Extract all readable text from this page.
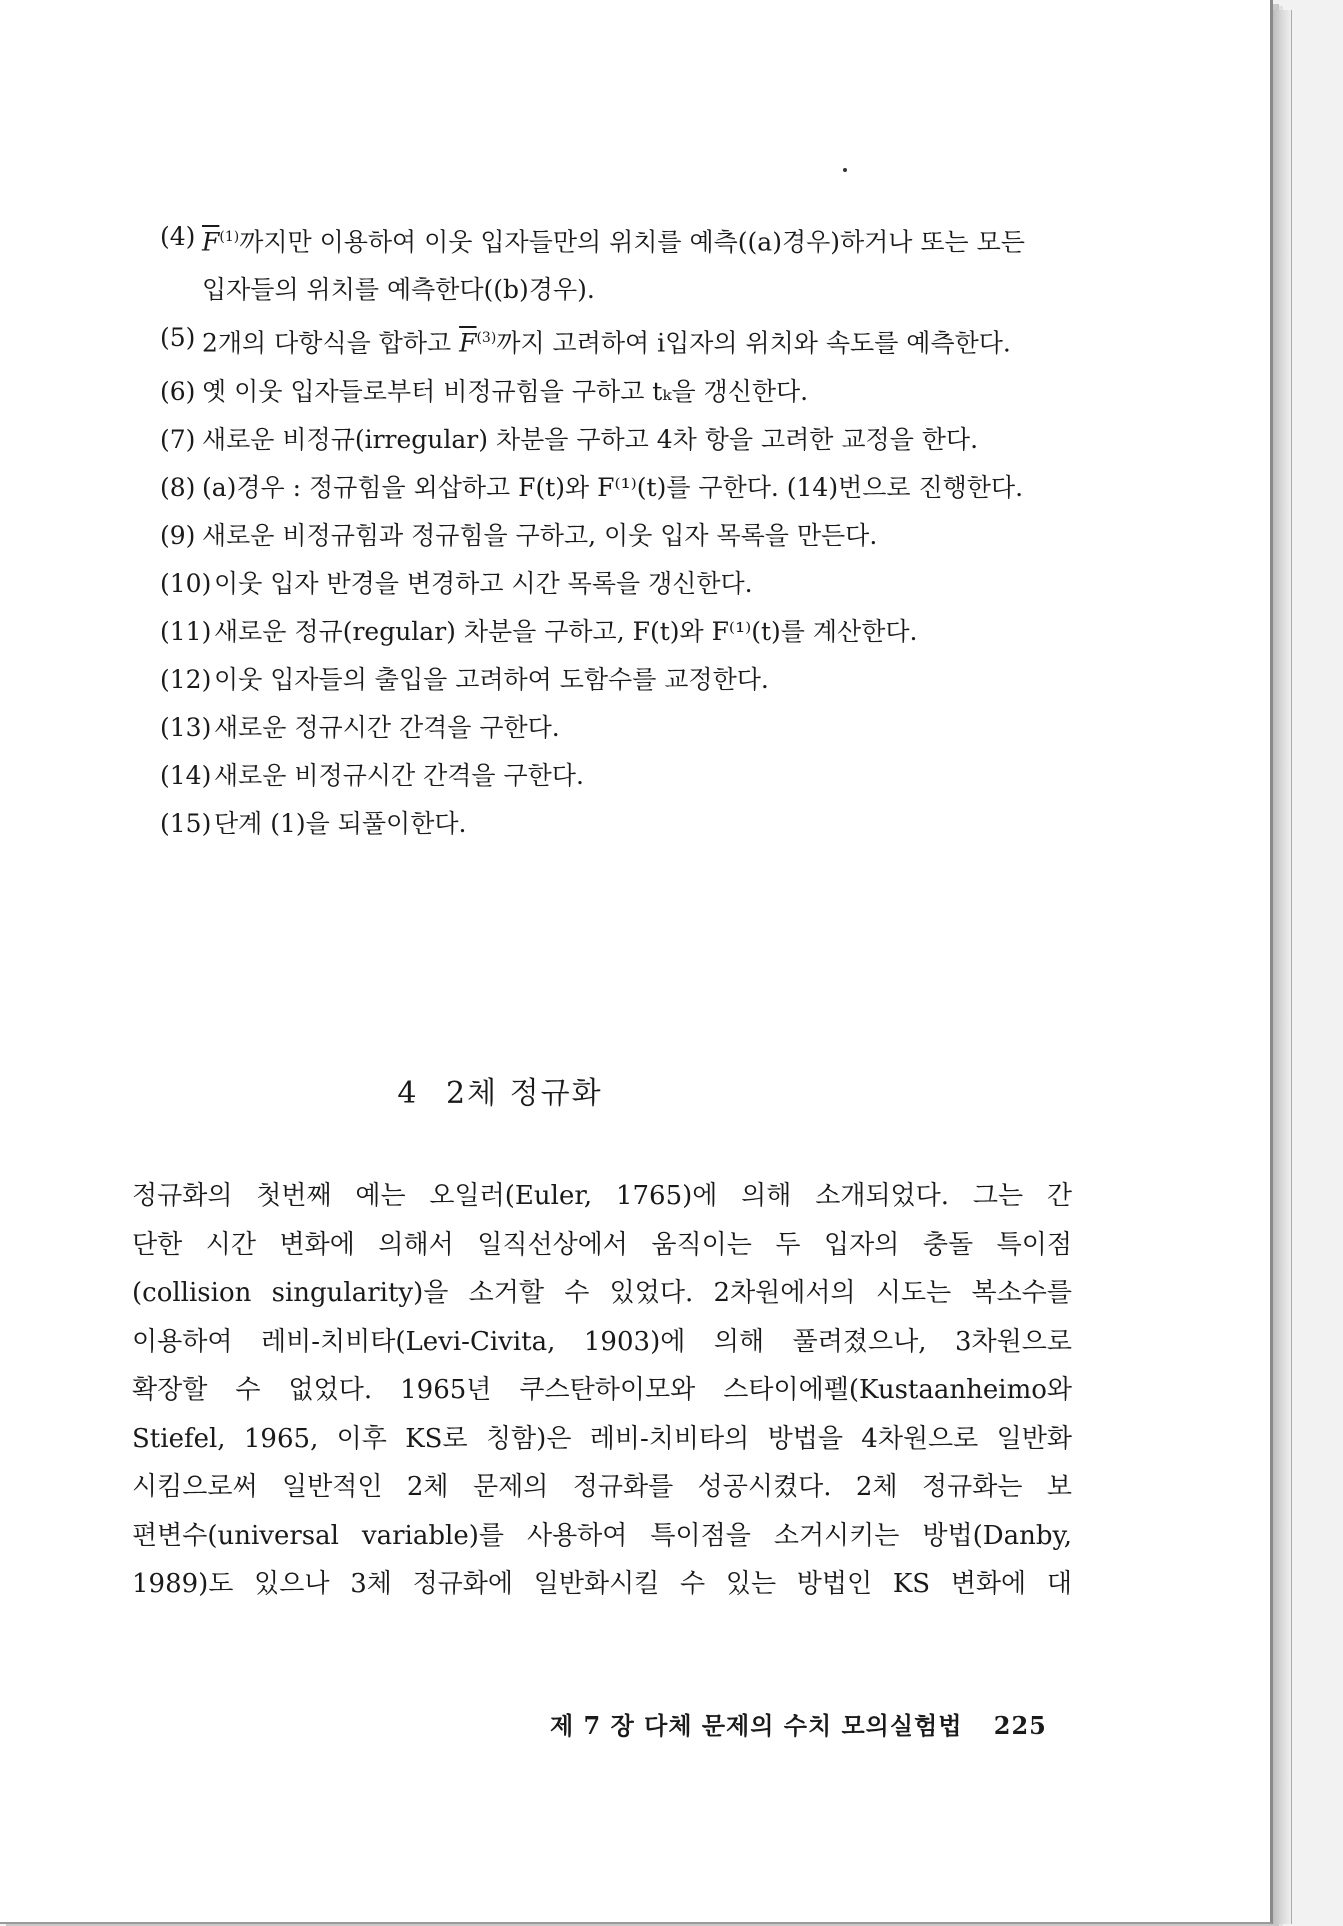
(4) $\overline{F}^{(1)}$까지만 이용하여 이웃 입자들만의 위치를 예측((a)경우)하거나 또는 모든 입자들의 위치를 예측한다((b)경우).
(5) 2개의 다항식을 합하고 $\overline{F}^{(3)}$까지 고려하여 i입자의 위치와 속도를 예측한다.
(6) 옛 이웃 입자들로부터 비정규힘을 구하고 tₖ을 갱신한다.
(7) 새로운 비정규(irregular) 차분을 구하고 4차 항을 고려한 교정을 한다.
(8) (a)경우 : 정규힘을 외삽하고 F(t)와 F⁽¹⁾(t)를 구한다. (14)번으로 진행한다.
(9) 새로운 비정규힘과 정규힘을 구하고, 이웃 입자 목록을 만든다.
(10) 이웃 입자 반경을 변경하고 시간 목록을 갱신한다.
(11) 새로운 정규(regular) 차분을 구하고, F(t)와 F⁽¹⁾(t)를 계산한다.
(12) 이웃 입자들의 출입을 고려하여 도함수를 교정한다.
(13) 새로운 정규시간 간격을 구한다.
(14) 새로운 비정규시간 간격을 구한다.
(15) 단계 (1)을 되풀이한다.
4 2체 정규화
정규화의 첫번째 예는 오일러(Euler, 1765)에 의해 소개되었다. 그는 간
단한 시간 변화에 의해서 일직선상에서 움직이는 두 입자의 충돌 특이점
(collision singularity)을 소거할 수 있었다. 2차원에서의 시도는 복소수를
이용하여 레비-치비타(Levi-Civita, 1903)에 의해 풀려졌으나, 3차원으로
확장할 수 없었다. 1965년 쿠스탄하이모와 스타이에펠(Kustaanheimo와
Stiefel, 1965, 이후 KS로 칭함)은 레비-치비타의 방법을 4차원으로 일반화
시킴으로써 일반적인 2체 문제의 정규화를 성공시켰다. 2체 정규화는 보
편변수(universal variable)를 사용하여 특이점을 소거시키는 방법(Danby,
1989)도 있으나 3체 정규화에 일반화시킬 수 있는 방법인 KS 변화에 대
제 7 장 다체 문제의 수치 모의실험법 225
